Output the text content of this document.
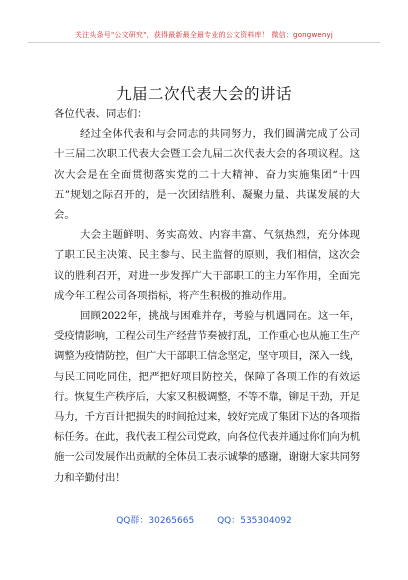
关注头条号"公文研究"，获得最新最全最专业的公文资料库！ 微信：gongwenyj
九届二次代表大会的讲话

各位代表、同志们：

经过全体代表和与会同志的共同努力，我们圆满完成了公司十三届二次职工代表大会暨工会九届二次代表大会的各项议程。这次大会是在全面贯彻落实党的二十大精神、奋力实施集团“十四五”规划之际召开的，是一次团结胜利、凝聚力量、共谋发展的大会。

大会主题鲜明、务实高效、内容丰富、气氛热烈，充分体现了职工民主决策、民主参与、民主监督的原则，我们相信，这次会议的胜利召开，对进一步发挥广大干部职工的主力军作用，全面完成今年工程公司各项指标，将产生积极的推动作用。

回顾2022年，挑战与困难并存，考验与机遇同在。这一年，受疫情影响，工程公司生产经营节奏被打乱，工作重心也从施工生产调整为疫情防控，但广大干部职工信念坚定，坚守项目，深入一线，与民工同吃同住，把严把好项目防控关，保障了各项工作的有效运行。恢复生产秩序后，大家又积极调整，不等不靠，铆足干劲，开足马力，千方百计把损失的时间抢过来，较好完成了集团下达的各项指标任务。在此，我代表工程公司党政，向各位代表并通过你们向为机施一公司发展作出贡献的全体员工表示诚挚的感谢，谢谢大家共同努力和辛勤付出！

QQ群：30265665        QQ：535304092
